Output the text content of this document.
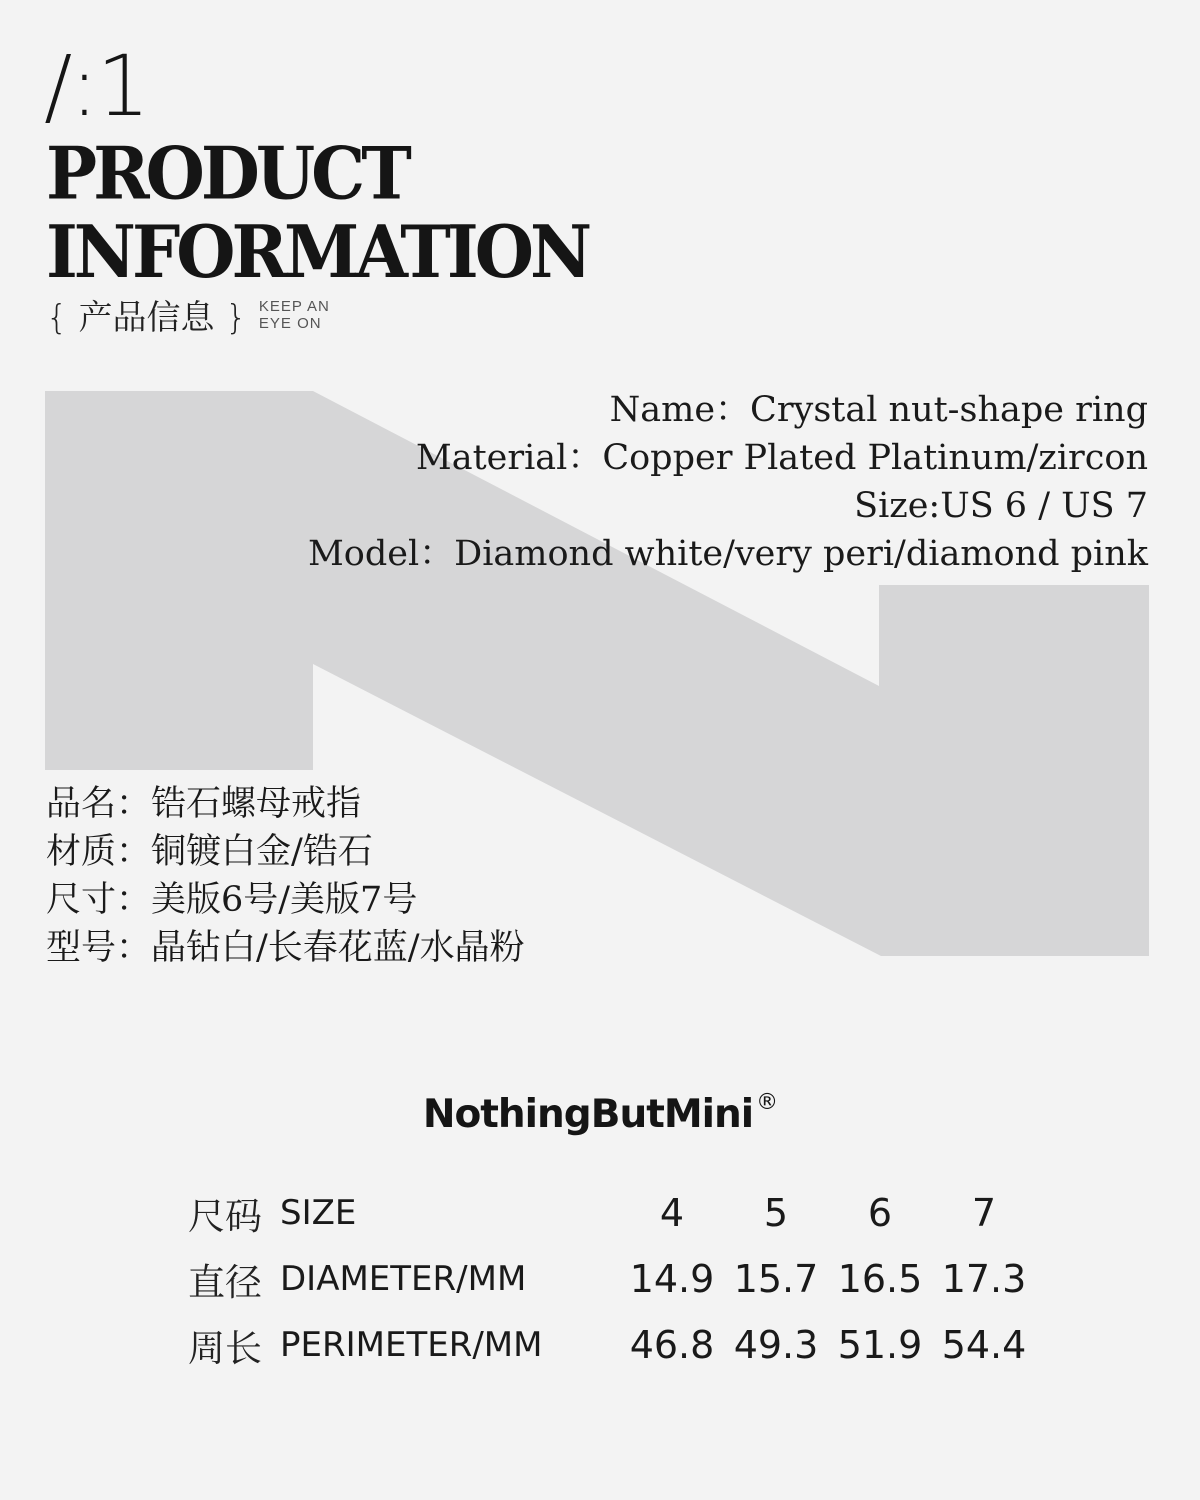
/:1
PRODUCT
INFORMATION
{ 产品信息 } KEEP AN
EYE ON
Name：Crystal nut-shape ring
Material：Copper Plated Platinum/zircon
Size:US 6 / US 7
Model：Diamond white/very peri/diamond pink
品名：锆石螺母戒指
材质：铜镀白金/锆石
尺寸：美版6号/美版7号
型号：晶钻白/长春花蓝/水晶粉
NothingButMini ®
尺码	SIZE	4	5	6	7
直径	DIAMETER/MM	14.9	15.7	16.5	17.3
周长	PERIMETER/MM	46.8	49.3	51.9	54.4
